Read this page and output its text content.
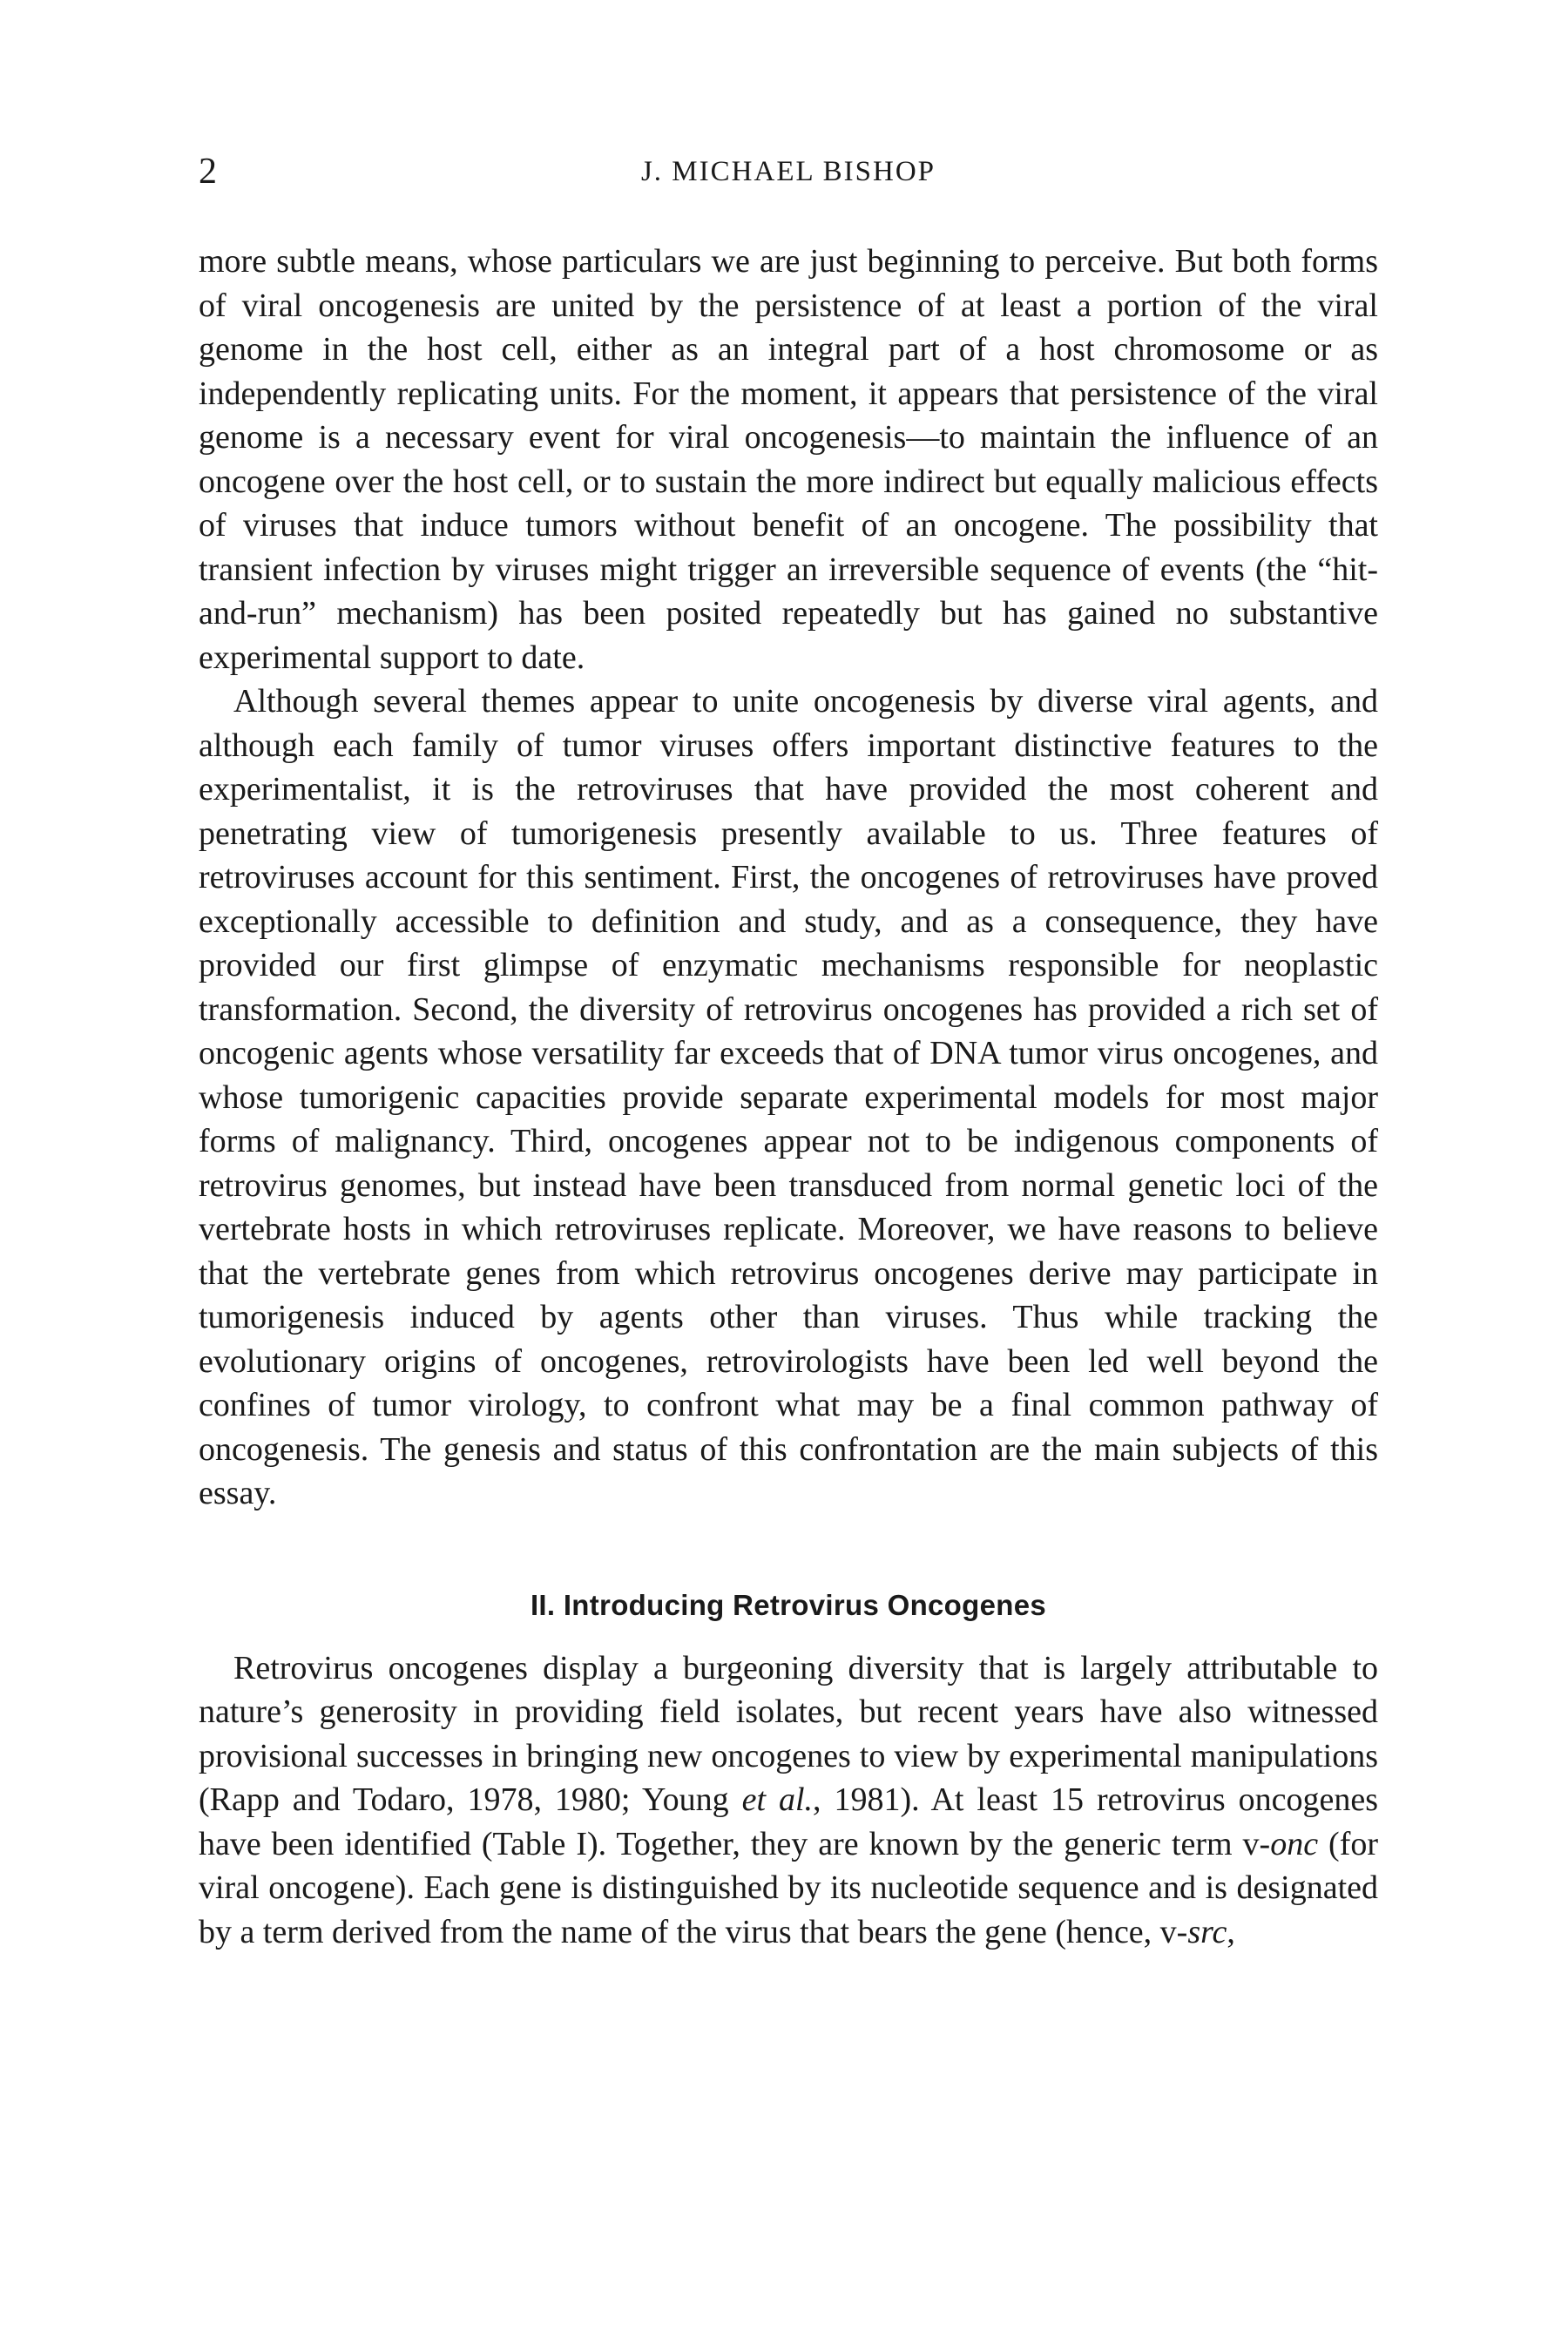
2	J. MICHAEL BISHOP

more subtle means, whose particulars we are just beginning to perceive. But both forms of viral oncogenesis are united by the persistence of at least a portion of the viral genome in the host cell, either as an integral part of a host chromosome or as independently replicating units. For the moment, it appears that persistence of the viral genome is a necessary event for viral oncogenesis—to maintain the influence of an oncogene over the host cell, or to sustain the more indirect but equally malicious effects of viruses that induce tumors without benefit of an oncogene. The possibility that transient infection by viruses might trigger an irreversible sequence of events (the “hit-and-run” mechanism) has been posited repeatedly but has gained no substantive experimental support to date.

Although several themes appear to unite oncogenesis by diverse viral agents, and although each family of tumor viruses offers important distinctive features to the experimentalist, it is the retroviruses that have provided the most coherent and penetrating view of tumorigenesis presently available to us. Three features of retroviruses account for this sentiment. First, the oncogenes of retroviruses have proved exceptionally accessible to definition and study, and as a consequence, they have provided our first glimpse of enzymatic mechanisms responsible for neoplastic transformation. Second, the diversity of retrovirus oncogenes has provided a rich set of oncogenic agents whose versatility far exceeds that of DNA tumor virus oncogenes, and whose tumorigenic capacities provide separate experimental models for most major forms of malignancy. Third, oncogenes appear not to be indigenous components of retrovirus genomes, but instead have been transduced from normal genetic loci of the vertebrate hosts in which retroviruses replicate. Moreover, we have reasons to believe that the vertebrate genes from which retrovirus oncogenes derive may participate in tumorigenesis induced by agents other than viruses. Thus while tracking the evolutionary origins of oncogenes, retrovirologists have been led well beyond the confines of tumor virology, to confront what may be a final common pathway of oncogenesis. The genesis and status of this confrontation are the main subjects of this essay.

II. Introducing Retrovirus Oncogenes

Retrovirus oncogenes display a burgeoning diversity that is largely attributable to nature’s generosity in providing field isolates, but recent years have also witnessed provisional successes in bringing new oncogenes to view by experimental manipulations (Rapp and Todaro, 1978, 1980; Young et al., 1981). At least 15 retrovirus oncogenes have been identified (Table I). Together, they are known by the generic term v-onc (for viral oncogene). Each gene is distinguished by its nucleotide sequence and is designated by a term derived from the name of the virus that bears the gene (hence, v-src,
